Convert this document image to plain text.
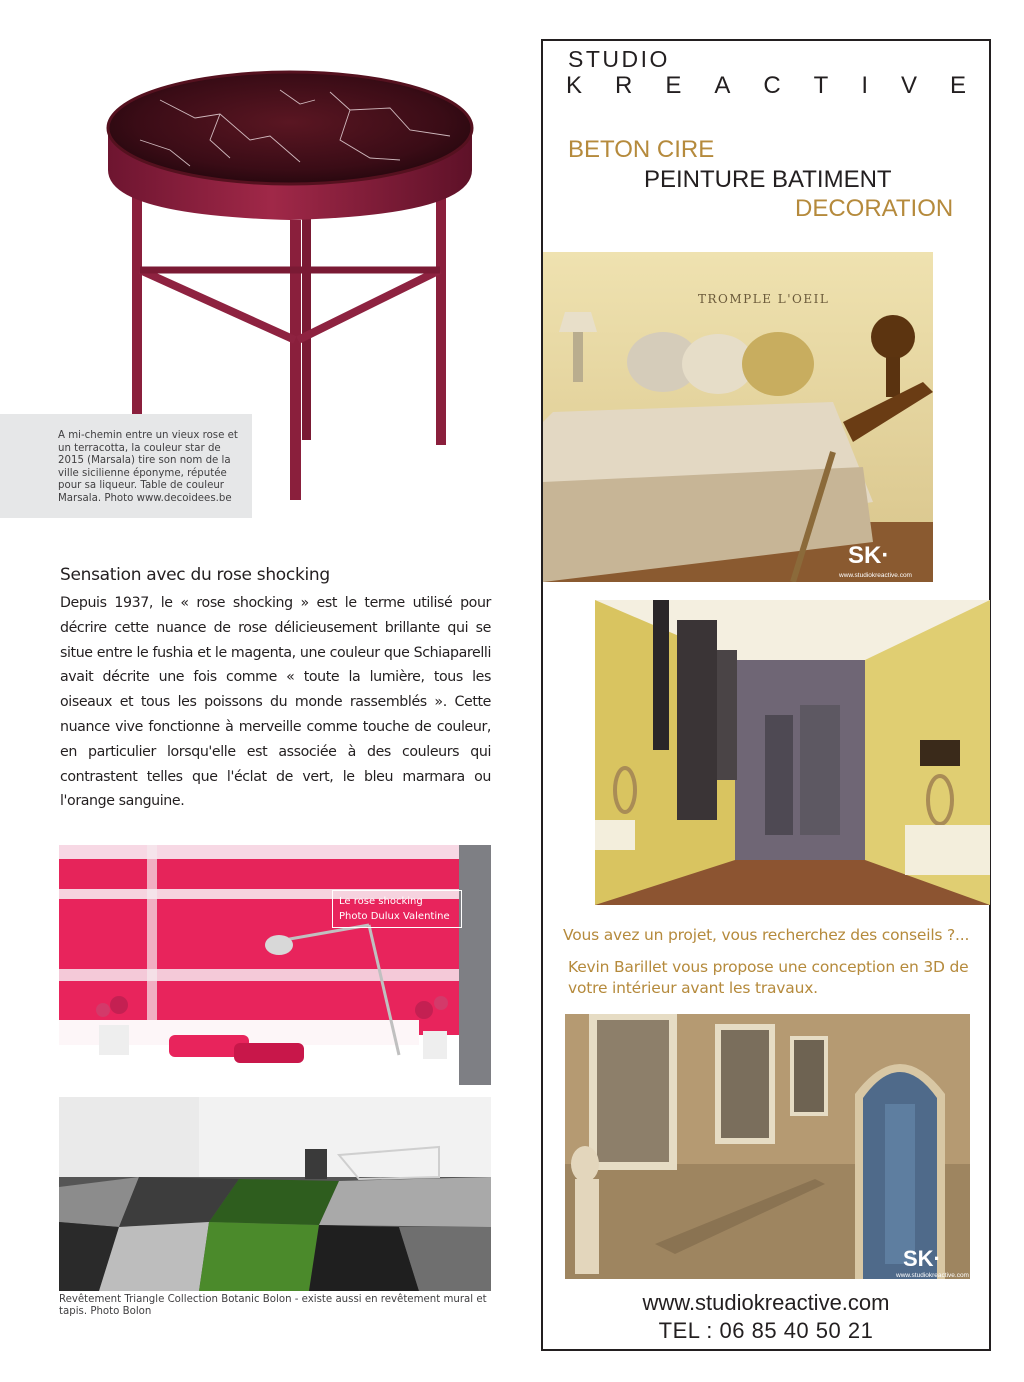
A mi-chemin entre un vieux rose et un terracotta, la couleur star de 2015 (Marsala) tire son nom de la ville sicilienne éponyme, réputée pour sa liqueur. Table de couleur Marsala. Photo www.decoidees.be

Sensation avec du rose shocking
Depuis 1937, le « rose shocking » est le terme utilisé pour décrire cette nuance de rose délicieusement brillante qui se situe entre le fushia et le magenta, une couleur que Schiaparelli avait décrite une fois comme « toute la lumière, tous les oiseaux et tous les poissons du monde rassemblés ». Cette nuance vive fonctionne à merveille comme touche de couleur, en particulier lorsqu'elle est associée à des couleurs qui contrastent telles que l'éclat de vert, le bleu marmara ou l'orange sanguine.
Le rose shocking
Photo Dulux Valentine
Revêtement Triangle Collection Botanic Bolon - existe aussi en revêtement mural et tapis. Photo Bolon
STUDIO
K R E A C T I V E
BETON CIRE
PEINTURE BATIMENT
DECORATION
TROMPLE L'OEIL
SK·
www.studiokreactive.com
Vous avez un projet, vous recherchez des conseils ?...
Kevin Barillet vous propose une conception en 3D de votre intérieur avant les travaux.
SK·
www.studiokreactive.com
www.studiokreactive.com
TEL : 06 85 40 50 21
